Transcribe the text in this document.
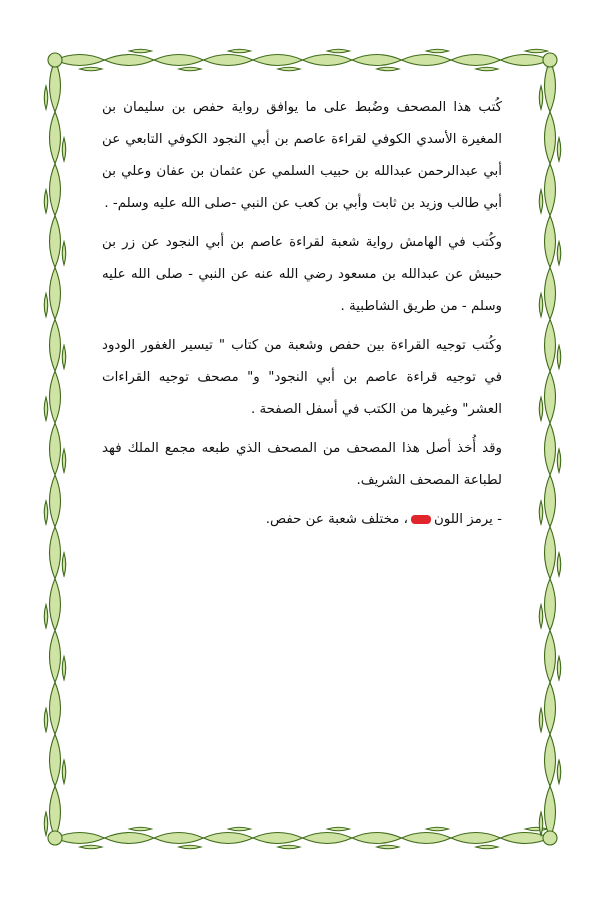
كُتب هذا المصحف وضُبط على ما يوافق رواية حفص بن سليمان بن المغيرة الأسدي الكوفي لقراءة عاصم بن أبي النجود الكوفي التابعي عن أبي عبدالرحمن عبدالله بن حبيب السلمي عن عثمان بن عفان وعلي بن أبي طالب وزيد بن ثابت وأبي بن كعب عن النبي -صلى الله عليه وسلم- .

وكُتب في الهامش رواية شعبة لقراءة عاصم بن أبي النجود عن زر بن حبيش عن عبدالله بن مسعود رضي الله عنه عن النبي - صلى الله عليه وسلم - من طريق الشاطبية .

وكُتب توجيه القراءة بين حفص وشعبة من كتاب " تيسير الغفور الودود في توجيه قراءة عاصم بن أبي النجود" و" مصحف توجيه القراءات العشر" وغيرها من الكتب في أسفل الصفحة .

وقد أُخذ أصل هذا المصحف من المصحف الذي طبعه مجمع الملك فهد لطباعة المصحف الشريف.

- يرمز اللون، مختلف شعبة عن حفص.
